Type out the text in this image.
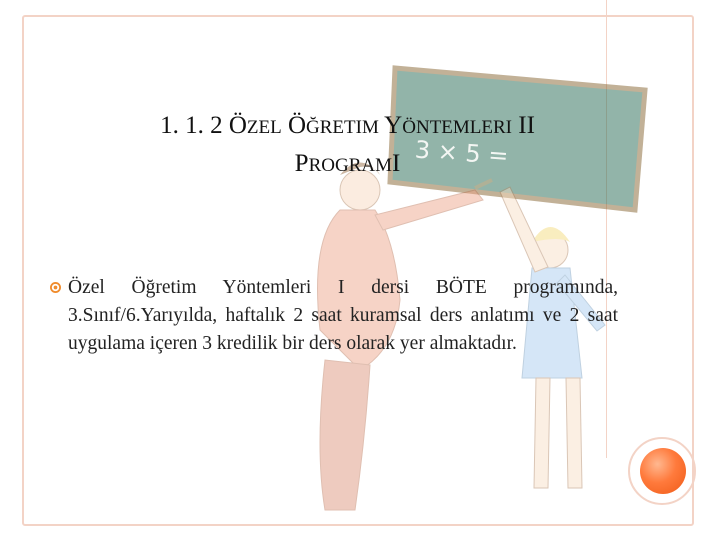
3 × 5 =
1. 1. 2 ÖZEL ÖĞRETIM YÖNTEMLERI II
PROGRAMI
Özel Öğretim Yöntemleri I dersi BÖTE programında, 3.Sınıf/6.Yarıyılda, haftalık 2 saat kuramsal ders anlatımı ve 2 saat uygulama içeren 3 kredilik bir ders olarak yer almaktadır.
